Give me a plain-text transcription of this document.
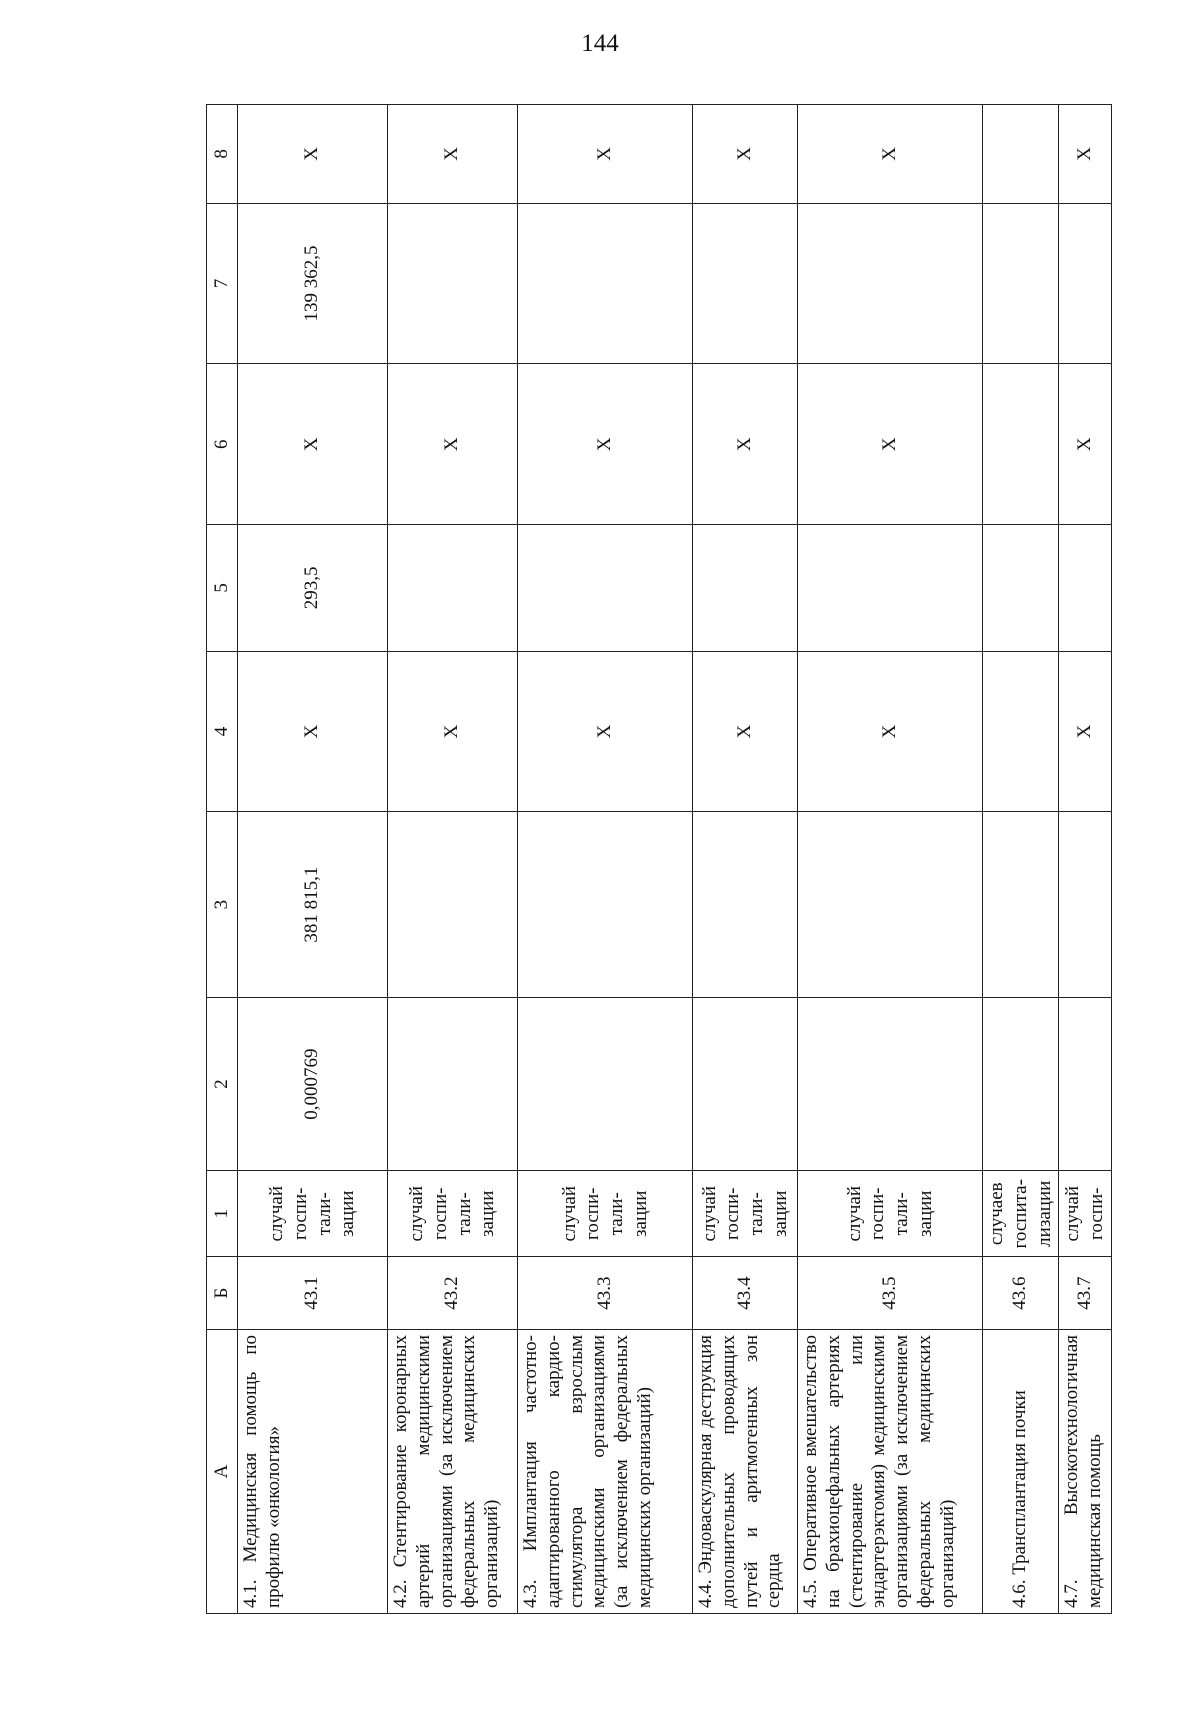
144
А	Б	1	2	3	4	5	6	7	8
4.1. Медицинская помощь по профилю «онкология»	43.1	случай госпи-тали-зации	0,000769	381 815,1	Х	293,5	Х	139 362,5	Х
4.2. Стентирование коронарных артерий медицинскими организациями (за исключением федеральных медицинских организаций)	43.2	случай госпи-тали-зации			Х		Х		Х
4.3. Имплантация частотно-адаптированного кардио-стимулятора взрослым медицинскими организациями (за исключением федеральных медицинских организаций)	43.3	случай госпи-тали-зации			Х		Х		Х
4.4. Эндоваскулярная деструкция дополнительных проводящих путей и аритмогенных зон сердца	43.4	случай госпи-тали-зации			Х		Х		Х
4.5. Оперативное вмешательство на брахиоцефальных артериях (стентирование или эндартерэктомия) медицинскими организациями (за исключением федеральных медицинских организаций)	43.5	случай госпи-тали-зации			Х		Х		Х
4.6. Трансплантация почки	43.6	случаев госпита-лизации							
4.7. Высокотехнологичная медицинская помощь	43.7	случай госпи-			Х		Х		Х
